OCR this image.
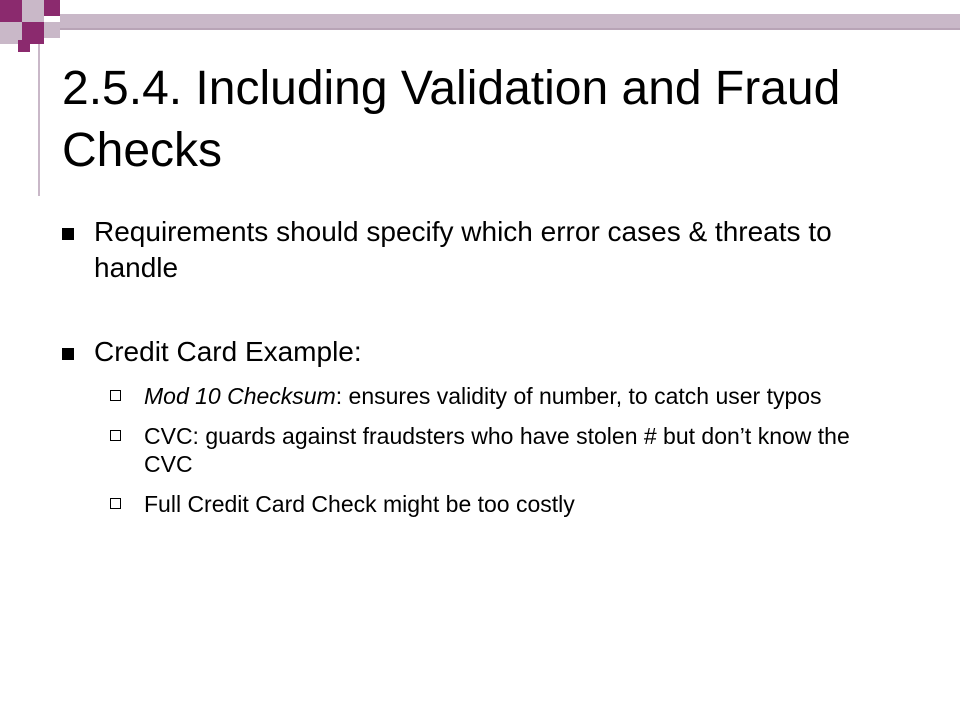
2.5.4. Including Validation and Fraud Checks
Requirements should specify which error cases & threats to handle
Credit Card Example:
Mod 10 Checksum: ensures validity of number, to catch user typos
CVC: guards against fraudsters who have stolen # but don’t know the CVC
Full Credit Card Check might be too costly
